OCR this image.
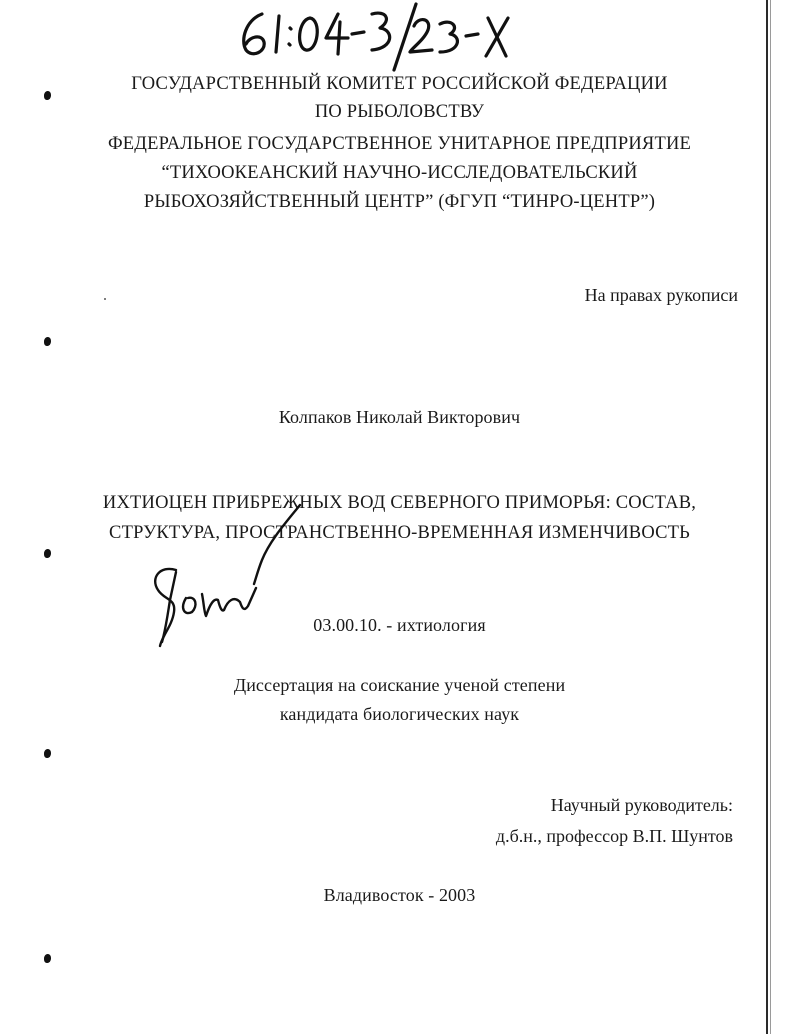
ГОСУДАРСТВЕННЫЙ КОМИТЕТ РОССИЙСКОЙ ФЕДЕРАЦИИ
ПО РЫБОЛОВСТВУ
ФЕДЕРАЛЬНОЕ ГОСУДАРСТВЕННОЕ УНИТАРНОЕ ПРЕДПРИЯТИЕ
“ТИХООКЕАНСКИЙ НАУЧНО-ИССЛЕДОВАТЕЛЬСКИЙ
РЫБОХОЗЯЙСТВЕННЫЙ ЦЕНТР” (ФГУП “ТИНРО-ЦЕНТР”)
На правах рукописи
Колпаков Николай Викторович
ИХТИОЦЕН ПРИБРЕЖНЫХ ВОД СЕВЕРНОГО ПРИМОРЬЯ: СОСТАВ,
СТРУКТУРА, ПРОСТРАНСТВЕННО-ВРЕМЕННАЯ ИЗМЕНЧИВОСТЬ
03.00.10. - ихтиология
Диссертация на соискание ученой степени
кандидата биологических наук
Научный руководитель:
д.б.н., профессор В.П. Шунтов
Владивосток - 2003
